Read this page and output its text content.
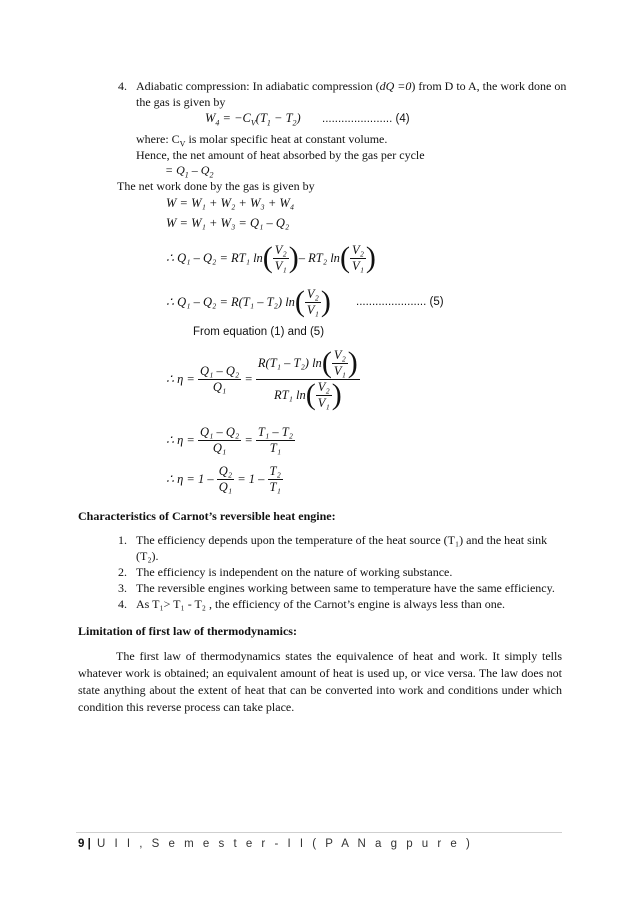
4. Adiabatic compression: In adiabatic compression (dQ =0) from D to A, the work done on
the gas is given by
$W_4 = -C_V(T_1 - T_2)$ ...................... (4)
where: $C_V$ is molar specific heat at constant volume.
Hence, the net amount of heat absorbed by the gas per cycle
= $Q_1 - Q_2$
The net work done by the gas is given by
W = W₁ + W₂ + W₃ + W₄
W = W₁ + W₃ = Q₁ – Q₂
∴ Q₁ – Q₂ = RT₁ ln ( $\frac{\text{V₂}}{\text{V₁}}$ ) – RT₂ ln ( $\frac{\text{V₂}}{\text{V₁}}$ )
∴ Q₁ – Q₂ = R(T₁ – T₂) ln ( $\frac{\text{V₂}}{\text{V₁}}$ ) ...................... (5)
From equation (1) and (5)
∴ η =
$\frac{\text{Q₁ – Q₂}}{\text{Q₁}}$
=
$\frac{R(T_1 - T_2) \ln ( \frac{\text{V₂}}{\text{V₁}} )}{RT_1 \ln ( \frac{\text{V₂}}{\text{V₁}} )}$
∴ η =
$\frac{\text{Q₁ – Q₂}}{\text{Q₁}}$
=
$\frac{\text{T₁ – T₂}}{\text{T₁}}$
∴ η = 1 –
$\frac{\text{Q₂}}{\text{Q₁}}$
= 1 –
$\frac{\text{T₂}}{\text{T₁}}$
Characteristics of Carnot’s reversible heat engine:
1. The efficiency depends upon the temperature of the heat source (T₁) and the heat sink
(T₂).
2. The efficiency is independent on the nature of working substance.
3. The reversible engines working between same to temperature have the same efficiency.
4. As T₁> T₁ - T₂ , the efficiency of the Carnot’s engine is always less than one.
Limitation of first law of thermodynamics:
The first law of thermodynamics states the equivalence of heat and work. It simply tells whatever work is obtained; an equivalent amount of heat is used up, or vice versa. The law does not state anything about the extent of heat that can be converted into work and conditions under which condition this reverse process can take place.
9 | U I I , S e m e s t e r - I I ( P A N a g p u r e )
